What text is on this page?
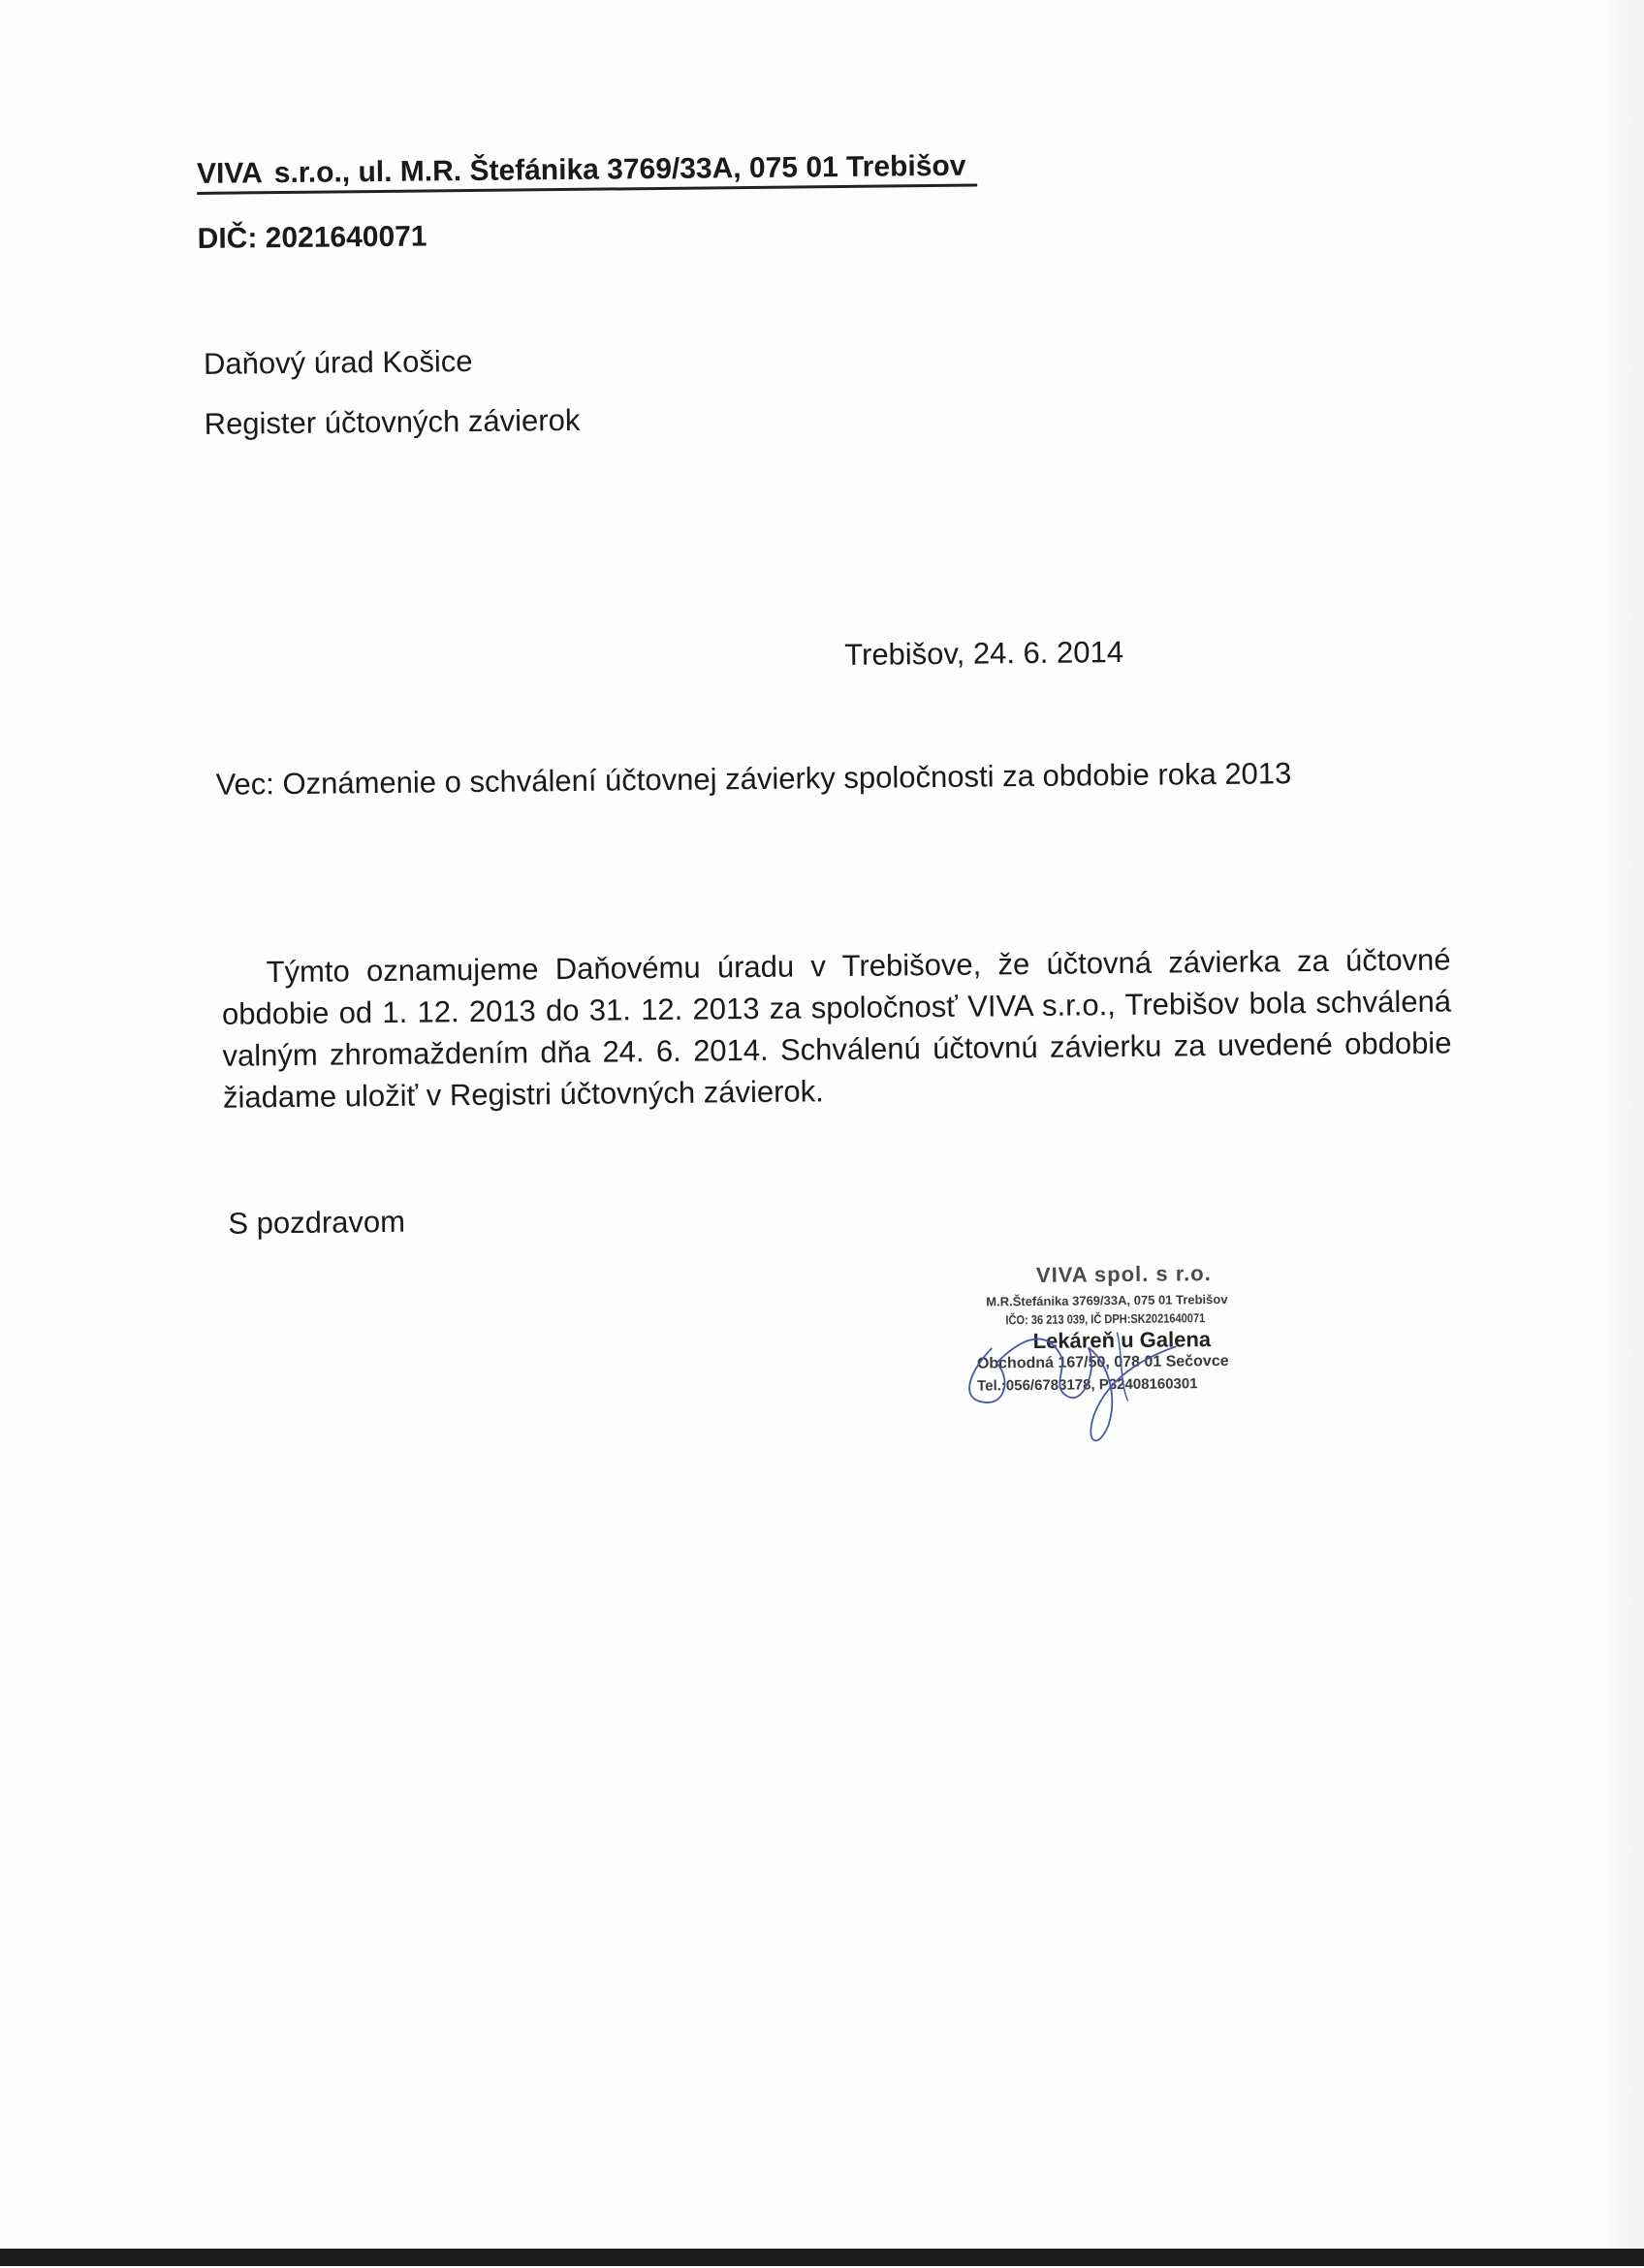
VIVA s.r.o., ul. M.R. Štefánika 3769/33A, 075 01 Trebišov
DIČ: 2021640071
Daňový úrad Košice
Register účtovných závierok
Trebišov, 24. 6. 2014
Vec: Oznámenie o schválení účtovnej závierky spoločnosti za obdobie roka 2013
Týmto oznamujeme Daňovému úradu v Trebišove, že účtovná závierka za účtovné obdobie od 1. 12. 2013 do 31. 12. 2013 za spoločnosť VIVA s.r.o., Trebišov bola schválená valným zhromaždením dňa 24. 6. 2014. Schválenú účtovnú závierku za uvedené obdobie žiadame uložiť v Registri účtovných závierok.
S pozdravom
VIVA spol. s r.o.
M.R.Štefánika 3769/33A, 075 01 Trebišov
IČO: 36 213 039, IČ DPH:SK2021640071
Lekáreň u Galena
Obchodná 167/50, 078 01 Sečovce
Tel.:056/6783178, P32408160301
